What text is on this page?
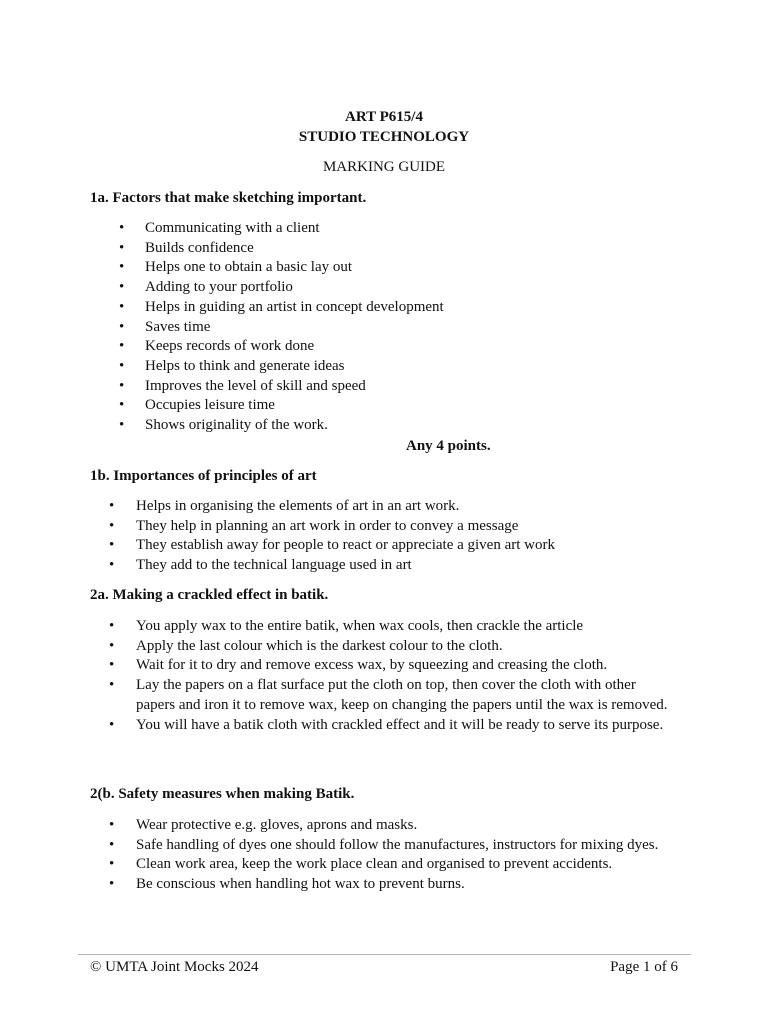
ART P615/4
STUDIO TECHNOLOGY
MARKING GUIDE
1a. Factors that make sketching important.
• Communicating with a client
• Builds confidence
• Helps one to obtain a basic lay out
• Adding to your portfolio
• Helps in guiding an artist in concept development
• Saves time
• Keeps records of work done
• Helps to think and generate ideas
• Improves the level of skill and speed
• Occupies leisure time
• Shows originality of the work.
Any 4 points.
1b. Importances of principles of art
• Helps in organising the elements of art in an art work.
• They help in planning an art work in order to convey a message
• They establish away for people to react or appreciate a given art work
• They add to the technical language used in art
2a. Making a crackled effect in batik.
• You apply wax to the entire batik, when wax cools, then crackle the article
• Apply the last colour which is the darkest colour to the cloth.
• Wait for it to dry and remove excess wax, by squeezing and creasing the cloth.
• Lay the papers on a flat surface put the cloth on top, then cover the cloth with other papers and iron it to remove wax, keep on changing the papers until the wax is removed.
• You will have a batik cloth with crackled effect and it will be ready to serve its purpose.
2(b. Safety measures when making Batik.
• Wear protective e.g. gloves, aprons and masks.
• Safe handling of dyes one should follow the manufactures, instructors for mixing dyes.
• Clean work area, keep the work place clean and organised to prevent accidents.
• Be conscious when handling hot wax to prevent burns.
© UMTA Joint Mocks 2024	Page 1 of 6
